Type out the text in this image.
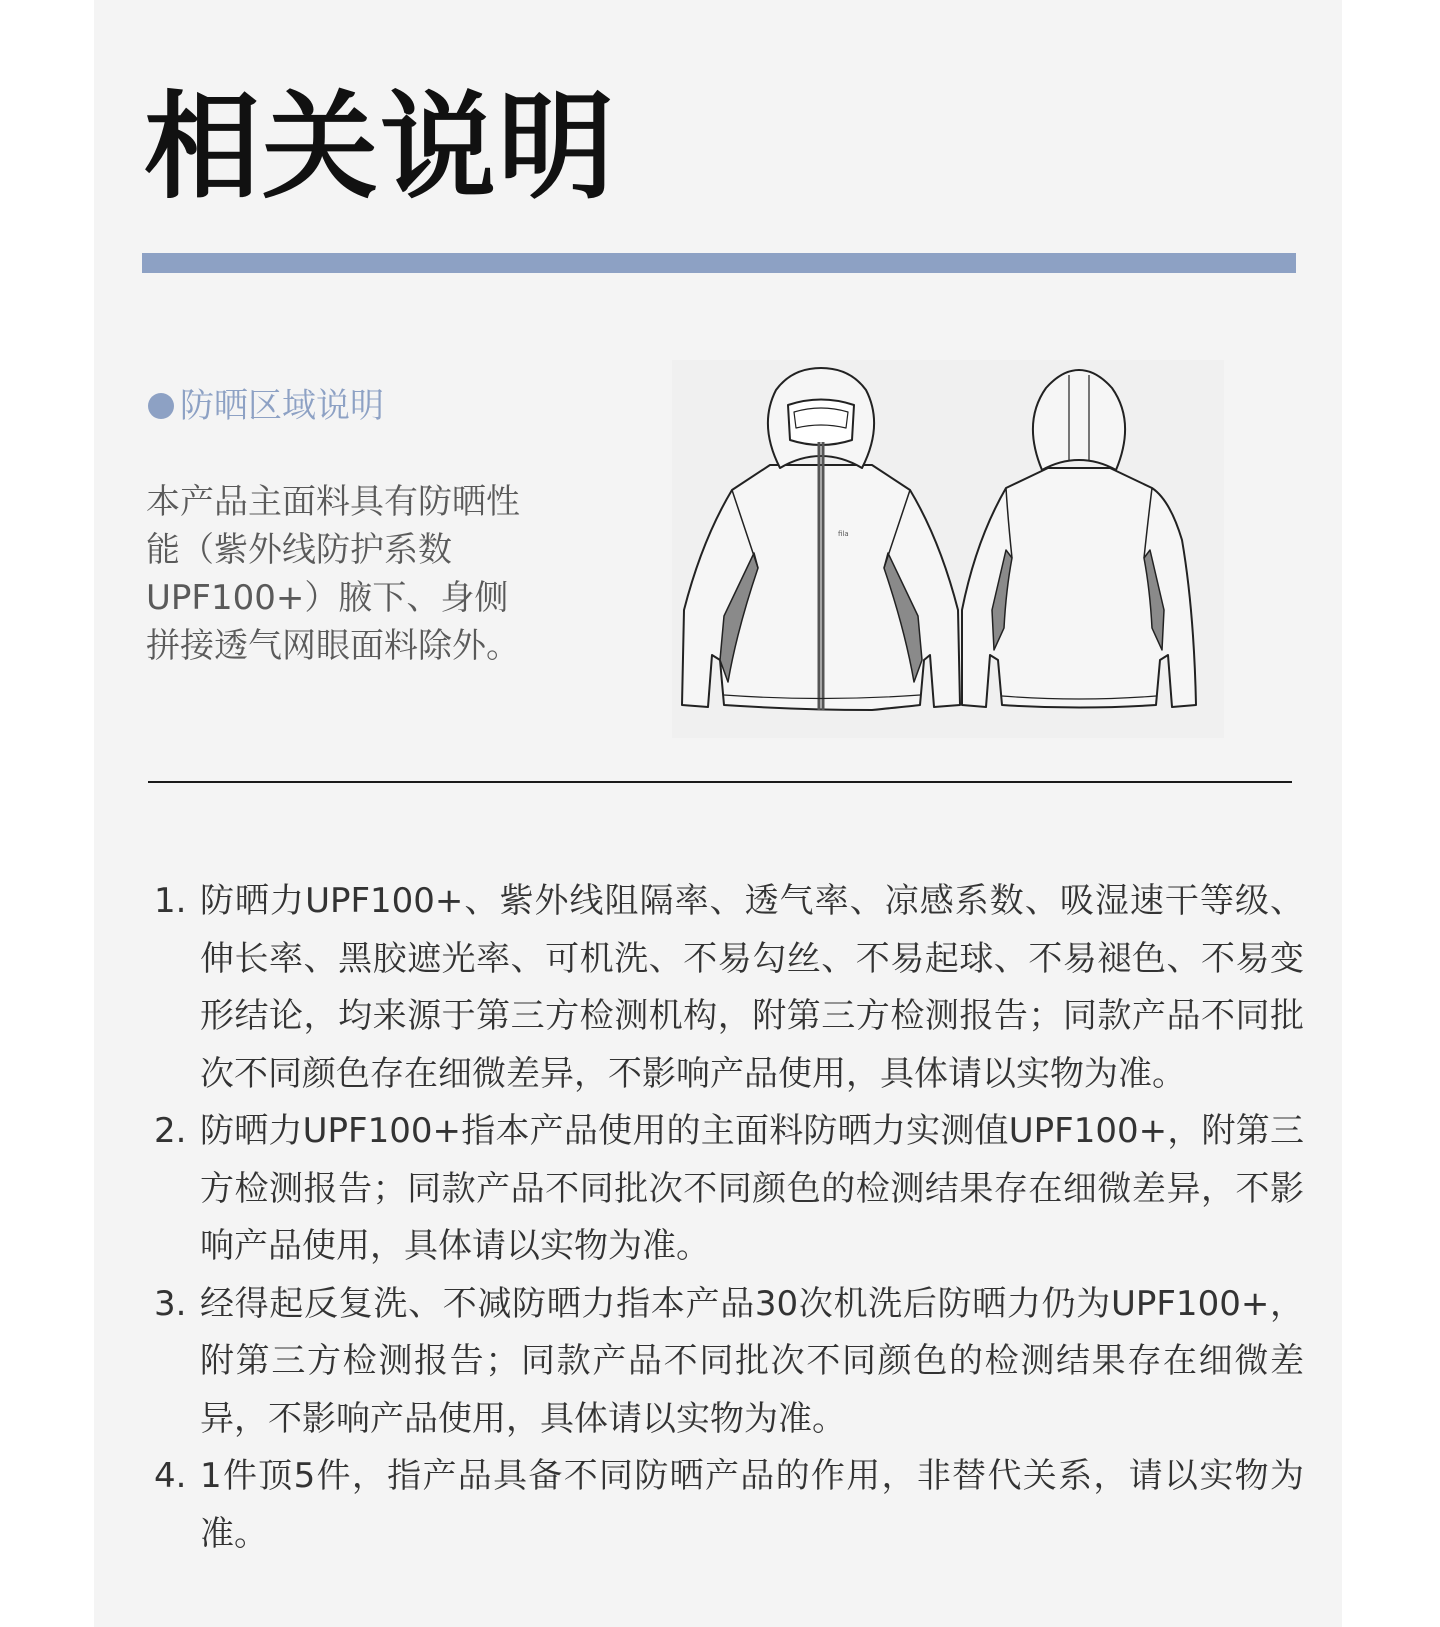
相关说明
防晒区域说明
本产品主面料具有防晒性能（紫外线防护系数UPF100+）腋下、身侧拼接透气网眼面料除外。
fila
1. 防晒力UPF100+、紫外线阻隔率、透气率、凉感系数、吸湿速干等级、伸长率、黑胶遮光率、可机洗、不易勾丝、不易起球、不易褪色、不易变形结论，均来源于第三方检测机构，附第三方检测报告；同款产品不同批次不同颜色存在细微差异，不影响产品使用，具体请以实物为准。
2. 防晒力UPF100+指本产品使用的主面料防晒力实测值UPF100+，附第三方检测报告；同款产品不同批次不同颜色的检测结果存在细微差异，不影响产品使用，具体请以实物为准。
3. 经得起反复洗、不减防晒力指本产品30次机洗后防晒力仍为UPF100+，附第三方检测报告；同款产品不同批次不同颜色的检测结果存在细微差异，不影响产品使用，具体请以实物为准。
4. 1件顶5件，指产品具备不同防晒产品的作用，非替代关系，请以实物为准。
